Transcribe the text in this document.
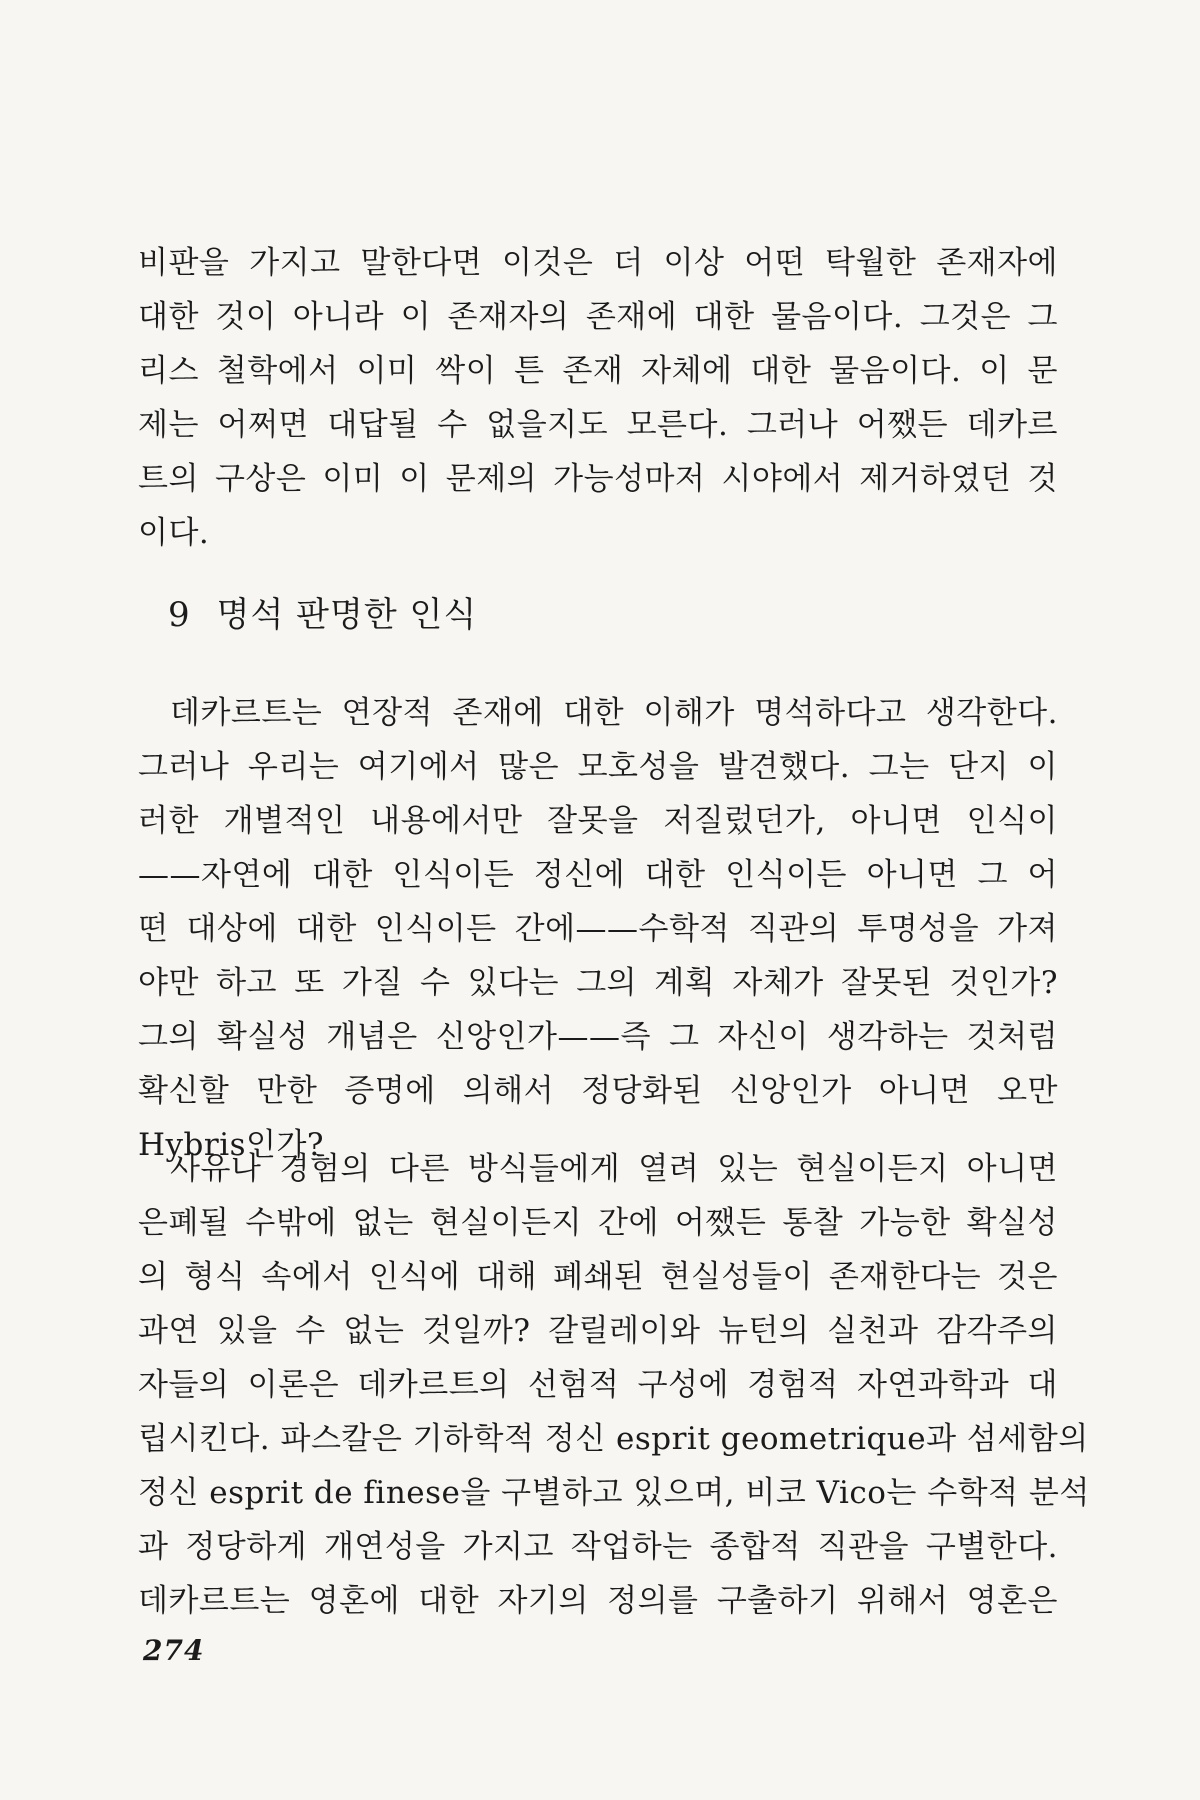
비판을 가지고 말한다면 이것은 더 이상 어떤 탁월한 존재자에
대한 것이 아니라 이 존재자의 존재에 대한 물음이다. 그것은 그
리스 철학에서 이미 싹이 튼 존재 자체에 대한 물음이다. 이 문
제는 어쩌면 대답될 수 없을지도 모른다. 그러나 어쨌든 데카르
트의 구상은 이미 이 문제의 가능성마저 시야에서 제거하였던 것
이다.
9 명석 판명한 인식
데카르트는 연장적 존재에 대한 이해가 명석하다고 생각한다.
그러나 우리는 여기에서 많은 모호성을 발견했다. 그는 단지 이
러한 개별적인 내용에서만 잘못을 저질렀던가, 아니면 인식이
——자연에 대한 인식이든 정신에 대한 인식이든 아니면 그 어
떤 대상에 대한 인식이든 간에——수학적 직관의 투명성을 가져
야만 하고 또 가질 수 있다는 그의 계획 자체가 잘못된 것인가?
그의 확실성 개념은 신앙인가——즉 그 자신이 생각하는 것처럼
확신할 만한 증명에 의해서 정당화된 신앙인가 아니면 오만
Hybris인가?
사유나 경험의 다른 방식들에게 열려 있는 현실이든지 아니면
은폐될 수밖에 없는 현실이든지 간에 어쨌든 통찰 가능한 확실성
의 형식 속에서 인식에 대해 폐쇄된 현실성들이 존재한다는 것은
과연 있을 수 없는 것일까? 갈릴레이와 뉴턴의 실천과 감각주의
자들의 이론은 데카르트의 선험적 구성에 경험적 자연과학과 대
립시킨다. 파스칼은 기하학적 정신 esprit geometrique과 섬세함의
정신 esprit de finese을 구별하고 있으며, 비코 Vico는 수학적 분석
과 정당하게 개연성을 가지고 작업하는 종합적 직관을 구별한다.
데카르트는 영혼에 대한 자기의 정의를 구출하기 위해서 영혼은
274
